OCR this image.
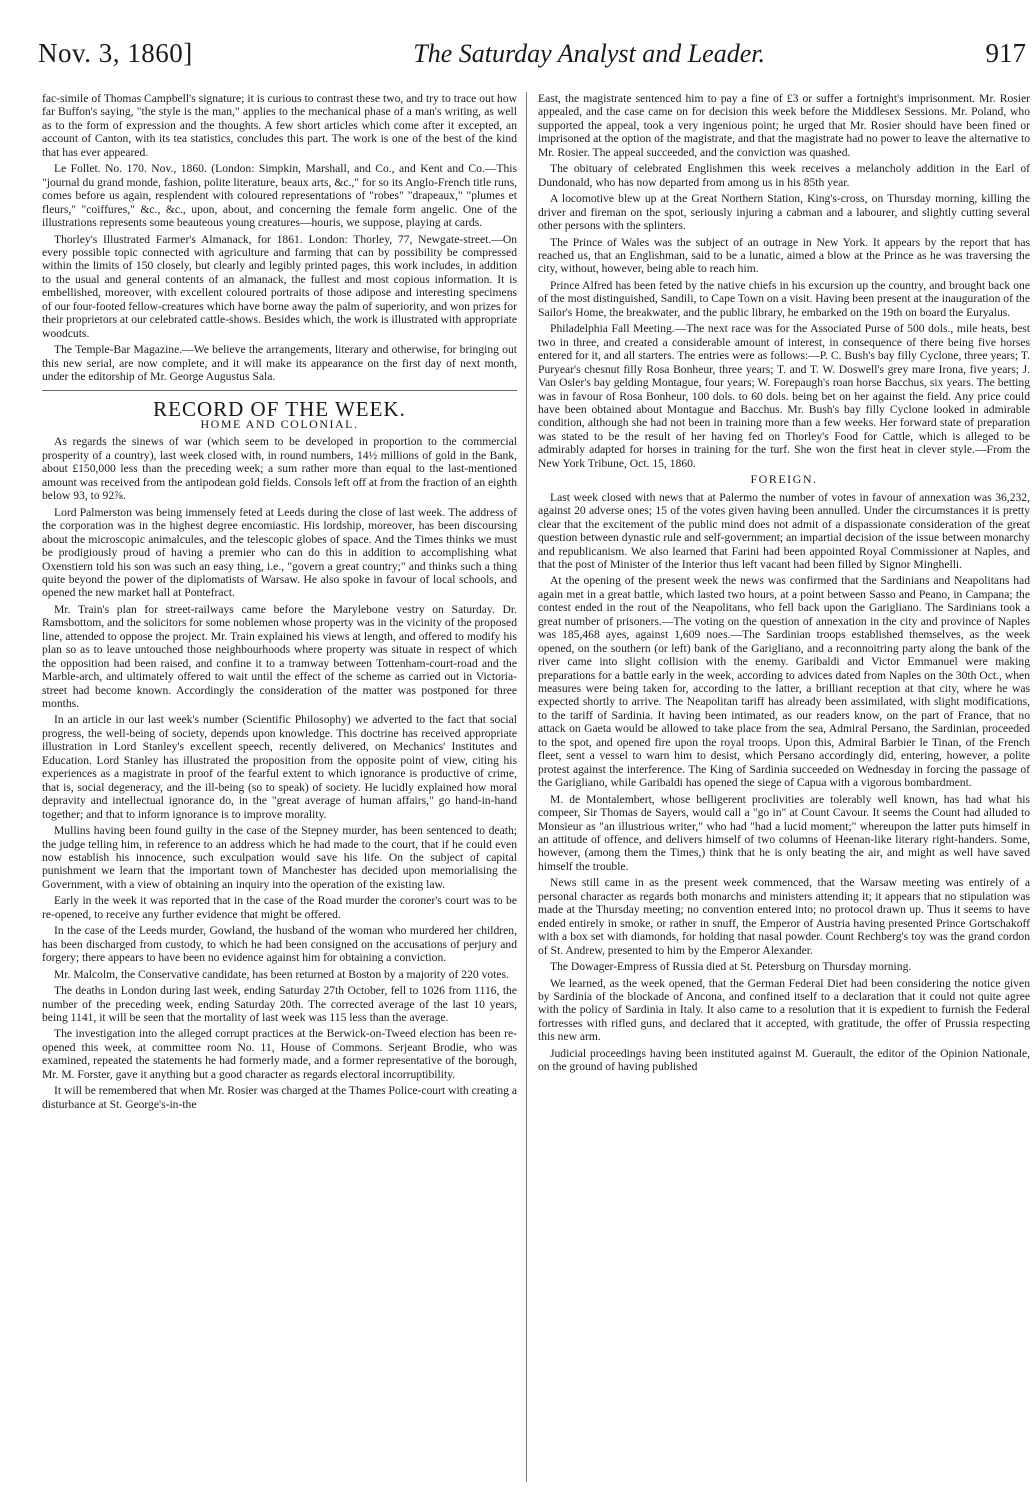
Nov. 3, 1860]	The Saturday Analyst and Leader.	917

fac-simile of Thomas Campbell's signature; it is curious to contrast these two, and try to trace out how far Buffon's saying, "the style is the man," applies to the mechanical phase of a man's writing, as well as to the form of expression and the thoughts. A few short articles which come after it excepted, an account of Canton, with its tea statistics, concludes this part. The work is one of the best of the kind that has ever appeared.

Le Follet. No. 170. Nov., 1860. (London: Simpkin, Marshall, and Co., and Kent and Co.—This "journal du grand monde, fashion, polite literature, beaux arts, &c.," for so its Anglo-French title runs, comes before us again, resplendent with coloured representations of "robes" "drapeaux," "plumes et fleurs," "coiffures," &c., &c., upon, about, and concerning the female form angelic. One of the illustrations represents some beauteous young creatures—houris, we suppose, playing at cards.

Thorley's Illustrated Farmer's Almanack, for 1861. London: Thorley, 77, Newgate-street.—On every possible topic connected with agriculture and farming that can by possibility be compressed within the limits of 150 closely, but clearly and legibly printed pages, this work includes, in addition to the usual and general contents of an almanack, the fullest and most copious information. It is embellished, moreover, with excellent coloured portraits of those adipose and interesting specimens of our four-footed fellow-creatures which have borne away the palm of superiority, and won prizes for their proprietors at our celebrated cattle-shows. Besides which, the work is illustrated with appropriate woodcuts.

The Temple-Bar Magazine.—We believe the arrangements, literary and otherwise, for bringing out this new serial, are now complete, and it will make its appearance on the first day of next month, under the editorship of Mr. George Augustus Sala.

RECORD OF THE WEEK.
HOME AND COLONIAL.

As regards the sinews of war (which seem to be developed in proportion to the commercial prosperity of a country), last week closed with, in round numbers, 14½ millions of gold in the Bank, about £150,000 less than the preceding week; a sum rather more than equal to the last-mentioned amount was received from the antipodean gold fields. Consols left off at from the fraction of an eighth below 93, to 92⅞.

Lord Palmerston was being immensely feted at Leeds during the close of last week. The address of the corporation was in the highest degree encomiastic. His lordship, moreover, has been discoursing about the microscopic animalcules, and the telescopic globes of space. And the Times thinks we must be prodigiously proud of having a premier who can do this in addition to accomplishing what Oxenstiern told his son was such an easy thing, i.e., "govern a great country;" and thinks such a thing quite beyond the power of the diplomatists of Warsaw. He also spoke in favour of local schools, and opened the new market hall at Pontefract.

Mr. Train's plan for street-railways came before the Marylebone vestry on Saturday. Dr. Ramsbottom, and the solicitors for some noblemen whose property was in the vicinity of the proposed line, attended to oppose the project. Mr. Train explained his views at length, and offered to modify his plan so as to leave untouched those neighbourhoods where property was situate in respect of which the opposition had been raised, and confine it to a tramway between Tottenham-court-road and the Marble-arch, and ultimately offered to wait until the effect of the scheme as carried out in Victoria-street had become known. Accordingly the consideration of the matter was postponed for three months.

In an article in our last week's number (Scientific Philosophy) we adverted to the fact that social progress, the well-being of society, depends upon knowledge. This doctrine has received appropriate illustration in Lord Stanley's excellent speech, recently delivered, on Mechanics' Institutes and Education. Lord Stanley has illustrated the proposition from the opposite point of view, citing his experiences as a magistrate in proof of the fearful extent to which ignorance is productive of crime, that is, social degeneracy, and the ill-being (so to speak) of society. He lucidly explained how moral depravity and intellectual ignorance do, in the "great average of human affairs," go hand-in-hand together; and that to inform ignorance is to improve morality.

Mullins having been found guilty in the case of the Stepney murder, has been sentenced to death; the judge telling him, in reference to an address which he had made to the court, that if he could even now establish his innocence, such exculpation would save his life. On the subject of capital punishment we learn that the important town of Manchester has decided upon memorialising the Government, with a view of obtaining an inquiry into the operation of the existing law.

Early in the week it was reported that in the case of the Road murder the coroner's court was to be re-opened, to receive any further evidence that might be offered.

In the case of the Leeds murder, Gowland, the husband of the woman who murdered her children, has been discharged from custody, to which he had been consigned on the accusations of perjury and forgery; there appears to have been no evidence against him for obtaining a conviction.

Mr. Malcolm, the Conservative candidate, has been returned at Boston by a majority of 220 votes.

The deaths in London during last week, ending Saturday 27th October, fell to 1026 from 1116, the number of the preceding week, ending Saturday 20th. The corrected average of the last 10 years, being 1141, it will be seen that the mortality of last week was 115 less than the average.

The investigation into the alleged corrupt practices at the Berwick-on-Tweed election has been re-opened this week, at committee room No. 11, House of Commons. Serjeant Brodie, who was examined, repeated the statements he had formerly made, and a former representative of the borough, Mr. M. Forster, gave it anything but a good character as regards electoral incorruptibility.

It will be remembered that when Mr. Rosier was charged at the Thames Police-court with creating a disturbance at St. George's-in-the

East, the magistrate sentenced him to pay a fine of £3 or suffer a fortnight's imprisonment. Mr. Rosier appealed, and the case came on for decision this week before the Middlesex Sessions. Mr. Poland, who supported the appeal, took a very ingenious point; he urged that Mr. Rosier should have been fined or imprisoned at the option of the magistrate, and that the magistrate had no power to leave the alternative to Mr. Rosier. The appeal succeeded, and the conviction was quashed.

The obituary of celebrated Englishmen this week receives a melancholy addition in the Earl of Dundonald, who has now departed from among us in his 85th year.

A locomotive blew up at the Great Northern Station, King's-cross, on Thursday morning, killing the driver and fireman on the spot, seriously injuring a cabman and a labourer, and slightly cutting several other persons with the splinters.

The Prince of Wales was the subject of an outrage in New York. It appears by the report that has reached us, that an Englishman, said to be a lunatic, aimed a blow at the Prince as he was traversing the city, without, however, being able to reach him.

Prince Alfred has been feted by the native chiefs in his excursion up the country, and brought back one of the most distinguished, Sandili, to Cape Town on a visit. Having been present at the inauguration of the Sailor's Home, the breakwater, and the public library, he embarked on the 19th on board the Euryalus.

Philadelphia Fall Meeting.—The next race was for the Associated Purse of 500 dols., mile heats, best two in three, and created a considerable amount of interest, in consequence of there being five horses entered for it, and all starters. The entries were as follows:—P. C. Bush's bay filly Cyclone, three years; T. Puryear's chesnut filly Rosa Bonheur, three years; T. and T. W. Doswell's grey mare Irona, five years; J. Van Osler's bay gelding Montague, four years; W. Forepaugh's roan horse Bacchus, six years. The betting was in favour of Rosa Bonheur, 100 dols. to 60 dols. being bet on her against the field. Any price could have been obtained about Montague and Bacchus. Mr. Bush's bay filly Cyclone looked in admirable condition, although she had not been in training more than a few weeks. Her forward state of preparation was stated to be the result of her having fed on Thorley's Food for Cattle, which is alleged to be admirably adapted for horses in training for the turf. She won the first heat in clever style.—From the New York Tribune, Oct. 15, 1860.

FOREIGN.

Last week closed with news that at Palermo the number of votes in favour of annexation was 36,232, against 20 adverse ones; 15 of the votes given having been annulled. Under the circumstances it is pretty clear that the excitement of the public mind does not admit of a dispassionate consideration of the great question between dynastic rule and self-government; an impartial decision of the issue between monarchy and republicanism. We also learned that Farini had been appointed Royal Commissioner at Naples, and that the post of Minister of the Interior thus left vacant had been filled by Signor Minghelli.

At the opening of the present week the news was confirmed that the Sardinians and Neapolitans had again met in a great battle, which lasted two hours, at a point between Sasso and Peano, in Campana; the contest ended in the rout of the Neapolitans, who fell back upon the Garigliano. The Sardinians took a great number of prisoners.—The voting on the question of annexation in the city and province of Naples was 185,468 ayes, against 1,609 noes.—The Sardinian troops established themselves, as the week opened, on the southern (or left) bank of the Garigliano, and a reconnoitring party along the bank of the river came into slight collision with the enemy. Garibaldi and Victor Emmanuel were making preparations for a battle early in the week, according to advices dated from Naples on the 30th Oct., when measures were being taken for, according to the latter, a brilliant reception at that city, where he was expected shortly to arrive. The Neapolitan tariff has already been assimilated, with slight modifications, to the tariff of Sardinia. It having been intimated, as our readers know, on the part of France, that no attack on Gaeta would be allowed to take place from the sea, Admiral Persano, the Sardinian, proceeded to the spot, and opened fire upon the royal troops. Upon this, Admiral Barbier le Tinan, of the French fleet, sent a vessel to warn him to desist, which Persano accordingly did, entering, however, a polite protest against the interference. The King of Sardinia succeeded on Wednesday in forcing the passage of the Garigliano, while Garibaldi has opened the siege of Capua with a vigorous bombardment.

M. de Montalembert, whose belligerent proclivities are tolerably well known, has had what his compeer, Sir Thomas de Sayers, would call a "go in" at Count Cavour. It seems the Count had alluded to Monsieur as "an illustrious writer," who had "had a lucid moment;" whereupon the latter puts himself in an attitude of offence, and delivers himself of two columns of Heenan-like literary right-handers. Some, however, (among them the Times,) think that he is only beating the air, and might as well have saved himself the trouble.

News still came in as the present week commenced, that the Warsaw meeting was entirely of a personal character as regards both monarchs and ministers attending it; it appears that no stipulation was made at the Thursday meeting; no convention entered into; no protocol drawn up. Thus it seems to have ended entirely in smoke, or rather in snuff, the Emperor of Austria having presented Prince Gortschakoff with a box set with diamonds, for holding that nasal powder. Count Rechberg's toy was the grand cordon of St. Andrew, presented to him by the Emperor Alexander.

The Dowager-Empress of Russia died at St. Petersburg on Thursday morning.

We learned, as the week opened, that the German Federal Diet had been considering the notice given by Sardinia of the blockade of Ancona, and confined itself to a declaration that it could not quite agree with the policy of Sardinia in Italy. It also came to a resolution that it is expedient to furnish the Federal fortresses with rifled guns, and declared that it accepted, with gratitude, the offer of Prussia respecting this new arm.

Judicial proceedings having been instituted against M. Guerault, the editor of the Opinion Nationale, on the ground of having published
